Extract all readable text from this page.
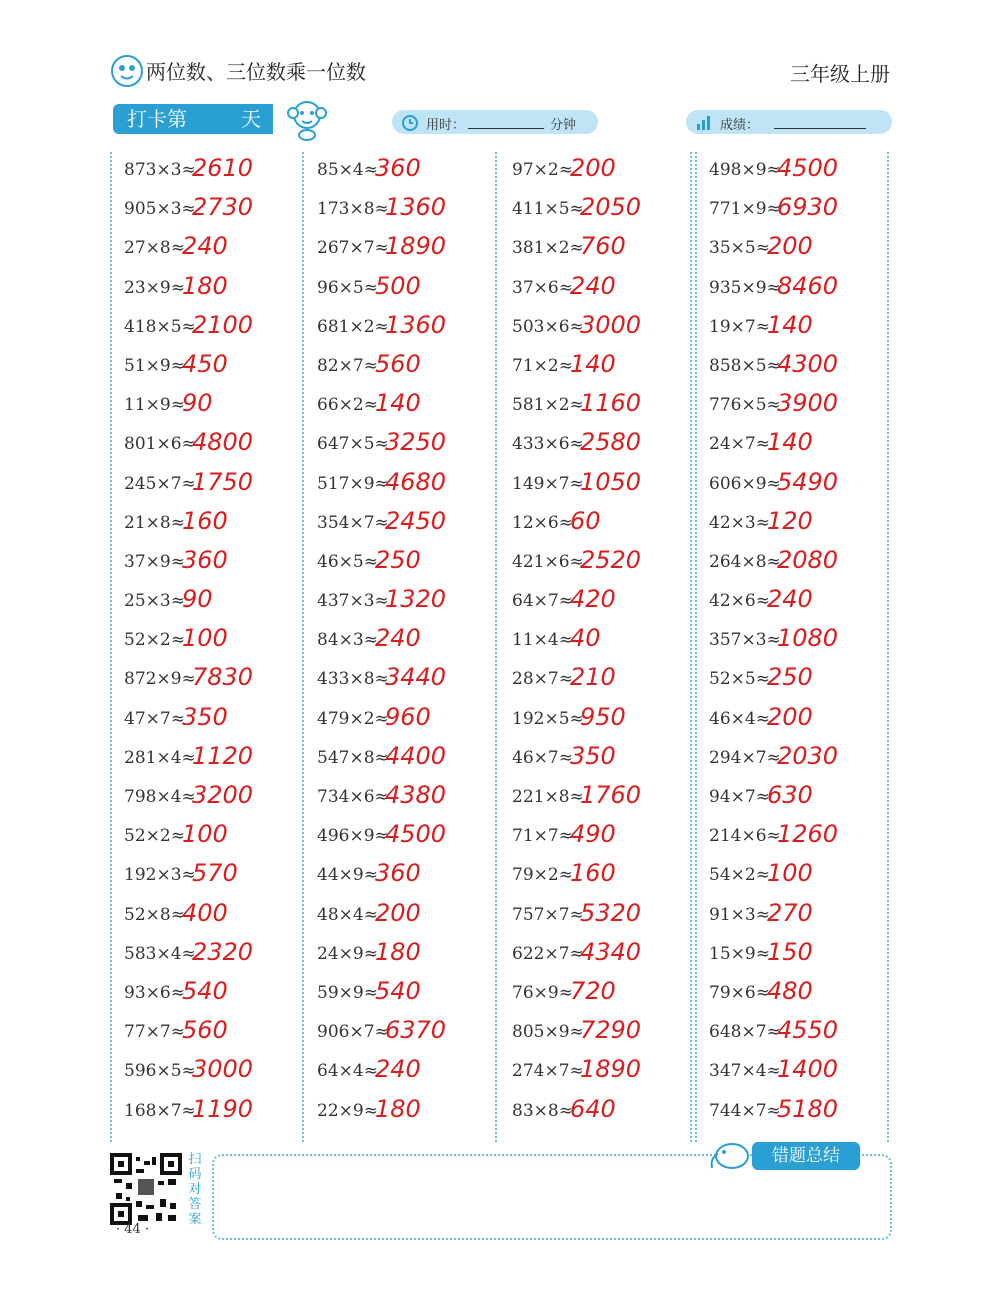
两位数、三位数乘一位数	三年级上册
打卡第	天	用时：	分钟	成绩：
873×3≈
2610
905×3≈
2730
27×8≈
240
23×9≈
180
418×5≈
2100
51×9≈
450
11×9≈
90
801×6≈
4800
245×7≈
1750
21×8≈
160
37×9≈
360
25×3≈
90
52×2≈
100
872×9≈
7830
47×7≈
350
281×4≈
1120
798×4≈
3200
52×2≈
100
192×3≈
570
52×8≈
400
583×4≈
2320
93×6≈
540
77×7≈
560
596×5≈
3000
168×7≈
1190
85×4≈
360
173×8≈
1360
267×7≈
1890
96×5≈
500
681×2≈
1360
82×7≈
560
66×2≈
140
647×5≈
3250
517×9≈
4680
354×7≈
2450
46×5≈
250
437×3≈
1320
84×3≈
240
433×8≈
3440
479×2≈
960
547×8≈
4400
734×6≈
4380
496×9≈
4500
44×9≈
360
48×4≈
200
24×9≈
180
59×9≈
540
906×7≈
6370
64×4≈
240
22×9≈
180
97×2≈
200
411×5≈
2050
381×2≈
760
37×6≈
240
503×6≈
3000
71×2≈
140
581×2≈
1160
433×6≈
2580
149×7≈
1050
12×6≈
60
421×6≈
2520
64×7≈
420
11×4≈
40
28×7≈
210
192×5≈
950
46×7≈
350
221×8≈
1760
71×7≈
490
79×2≈
160
757×7≈
5320
622×7≈
4340
76×9≈
720
805×9≈
7290
274×7≈
1890
83×8≈
640
498×9≈
4500
771×9≈
6930
35×5≈
200
935×9≈
8460
19×7≈
140
858×5≈
4300
776×5≈
3900
24×7≈
140
606×9≈
5490
42×3≈
120
264×8≈
2080
42×6≈
240
357×3≈
1080
52×5≈
250
46×4≈
200
294×7≈
2030
94×7≈
630
214×6≈
1260
54×2≈
100
91×3≈
270
15×9≈
150
79×6≈
480
648×7≈
4550
347×4≈
1400
744×7≈
5180
错题总结
扫码对答案
· 44 ·
